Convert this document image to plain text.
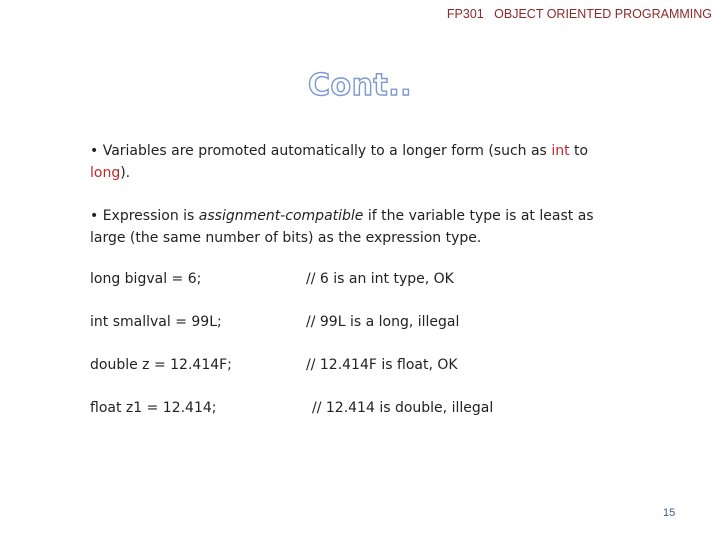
FP301   OBJECT ORIENTED PROGRAMMING
Cont..
• Variables are promoted automatically to a longer form (such as int to long).
• Expression is assignment-compatible if the variable type is at least as large (the same number of bits) as the expression type.
long bigval = 6;	// 6 is an int type, OK
int smallval = 99L;	// 99L is a long, illegal
double z = 12.414F;	// 12.414F is float, OK
float z1 = 12.414;	// 12.414 is double, illegal
15
